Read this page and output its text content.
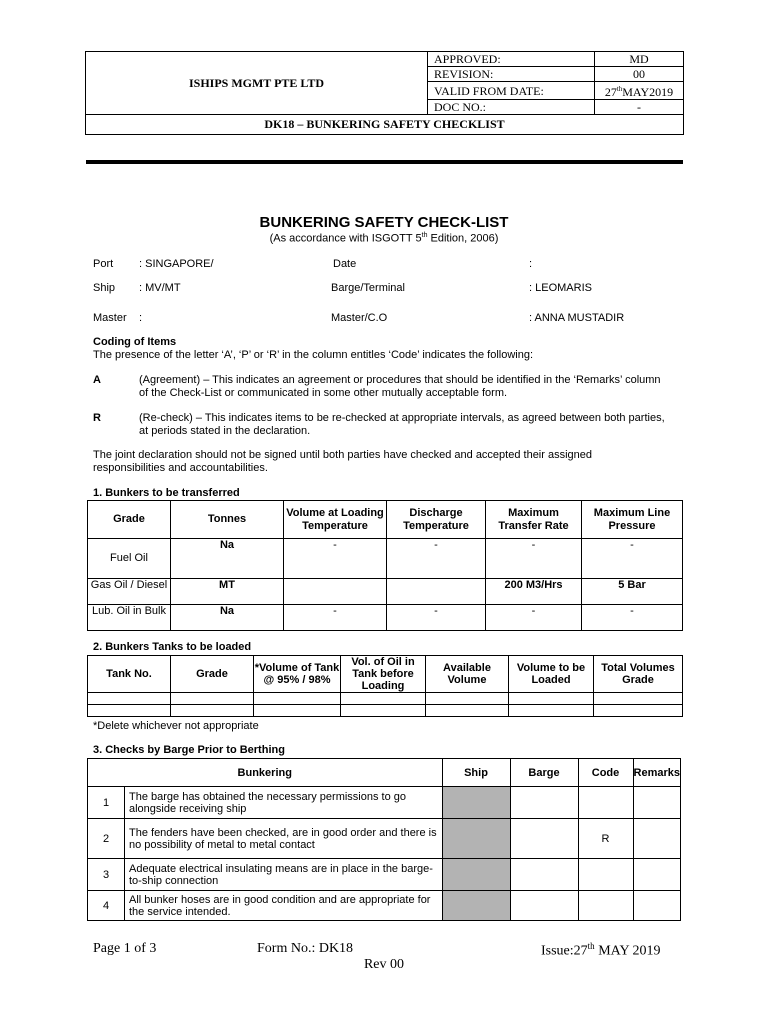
ISHIPS MGMT PTE LTD	APPROVED:	MD
	REVISION:	00
	VALID FROM DATE:	27thMAY2019
	DOC NO.:	-
DK18 – BUNKERING SAFETY CHECKLIST		
BUNKERING SAFETY CHECK-LIST
(As accordance with ISGOTT 5th Edition, 2006)
Port : SINGAPORE/	Date	:
Ship : MV/MT	Barge/Terminal	: LEOMARIS
Master :	Master/C.O	: ANNA MUSTADIR
Coding of Items
The presence of the letter ‘A’, ‘P’ or ‘R’ in the column entitles ‘Code’ indicates the following:
A	(Agreement) – This indicates an agreement or procedures that should be identified in the ‘Remarks’ column of the Check-List or communicated in some other mutually acceptable form.
R	(Re-check) – This indicates items to be re-checked at appropriate intervals, as agreed between both parties, at periods stated in the declaration.
The joint declaration should not be signed until both parties have checked and accepted their assigned responsibilities and accountabilities.
1. Bunkers to be transferred
Grade	Tonnes	Volume at Loading Temperature	Discharge Temperature	Maximum Transfer Rate	Maximum Line Pressure
Fuel Oil	Na	-	-	-	-
Gas Oil / Diesel	MT			200 M3/Hrs	5 Bar
Lub. Oil in Bulk	Na	-	-	-	-
2. Bunkers Tanks to be loaded
Tank No.	Grade	*Volume of Tank @ 95% / 98%	Vol. of Oil in Tank before Loading	Available Volume	Volume to be Loaded	Total Volumes Grade

*Delete whichever not appropriate
3. Checks by Barge Prior to Berthing
Bunkering		Ship	Barge	Code	Remarks
1	The barge has obtained the necessary permissions to go alongside receiving ship				
2	The fenders have been checked, are in good order and there is no possibility of metal to metal contact			R	
3	Adequate electrical insulating means are in place in the barge-to-ship connection				
4	All bunker hoses are in good condition and are appropriate for the service intended.				
Page 1 of 3	Form No.: DK18	Issue:27th MAY 2019
Rev 00
